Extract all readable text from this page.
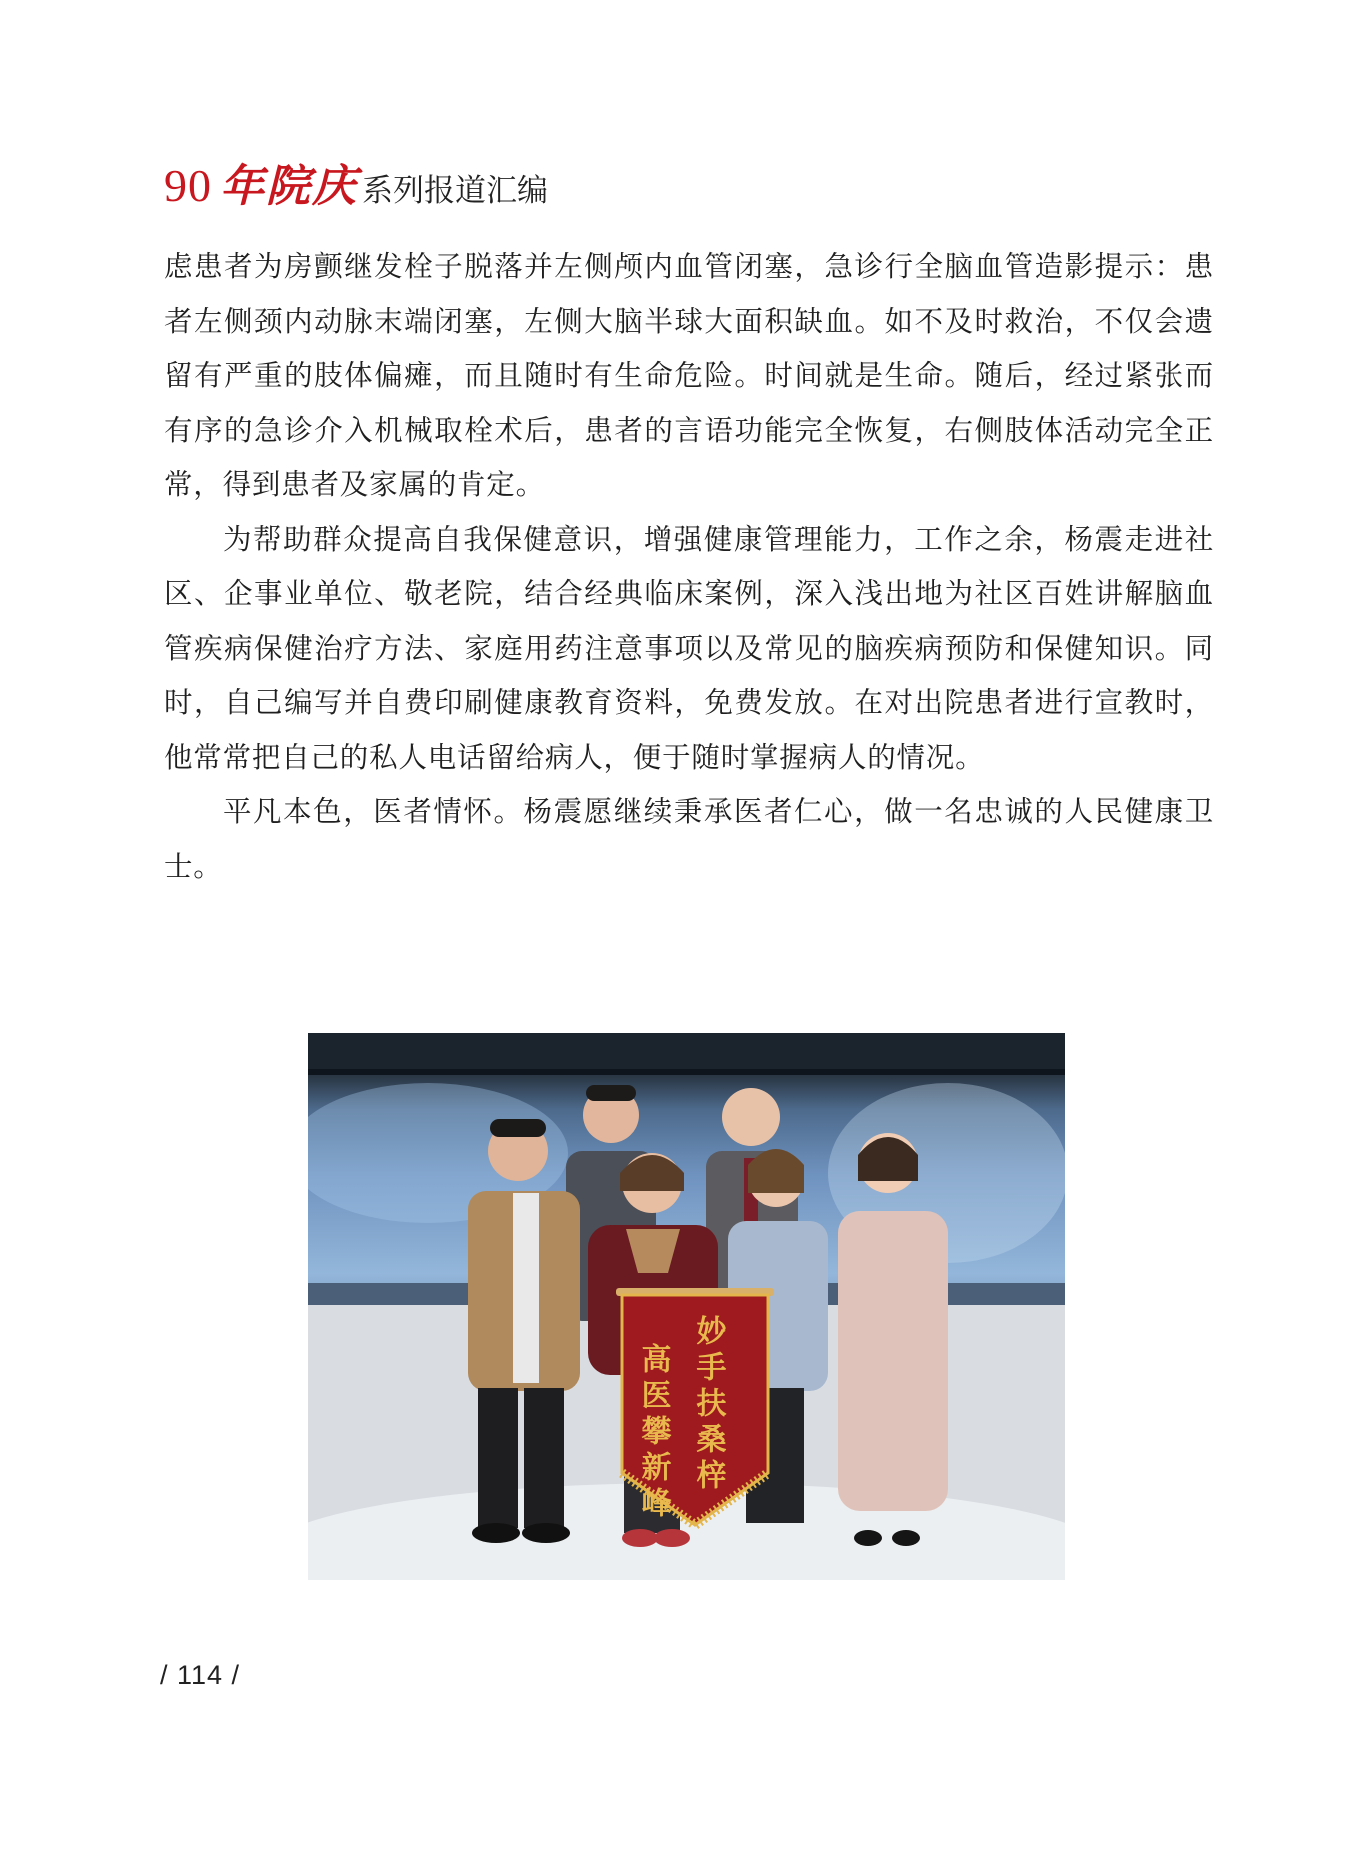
90 年院庆 系列报道汇编

虑患者为房颤继发栓子脱落并左侧颅内血管闭塞，急诊行全脑血管造影提示：患者左侧颈内动脉末端闭塞，左侧大脑半球大面积缺血。如不及时救治，不仅会遗留有严重的肢体偏瘫，而且随时有生命危险。时间就是生命。随后，经过紧张而有序的急诊介入机械取栓术后，患者的言语功能完全恢复，右侧肢体活动完全正常，得到患者及家属的肯定。

为帮助群众提高自我保健意识，增强健康管理能力，工作之余，杨震走进社区、企事业单位、敬老院，结合经典临床案例，深入浅出地为社区百姓讲解脑血管疾病保健治疗方法、家庭用药注意事项以及常见的脑疾病预防和保健知识。同时，自己编写并自费印刷健康教育资料，免费发放。在对出院患者进行宣教时，他常常把自己的私人电话留给病人，便于随时掌握病人的情况。

平凡本色，医者情怀。杨震愿继续秉承医者仁心，做一名忠诚的人民健康卫士。

高医攀新峰 妙手扶桑梓
/ 114 /
